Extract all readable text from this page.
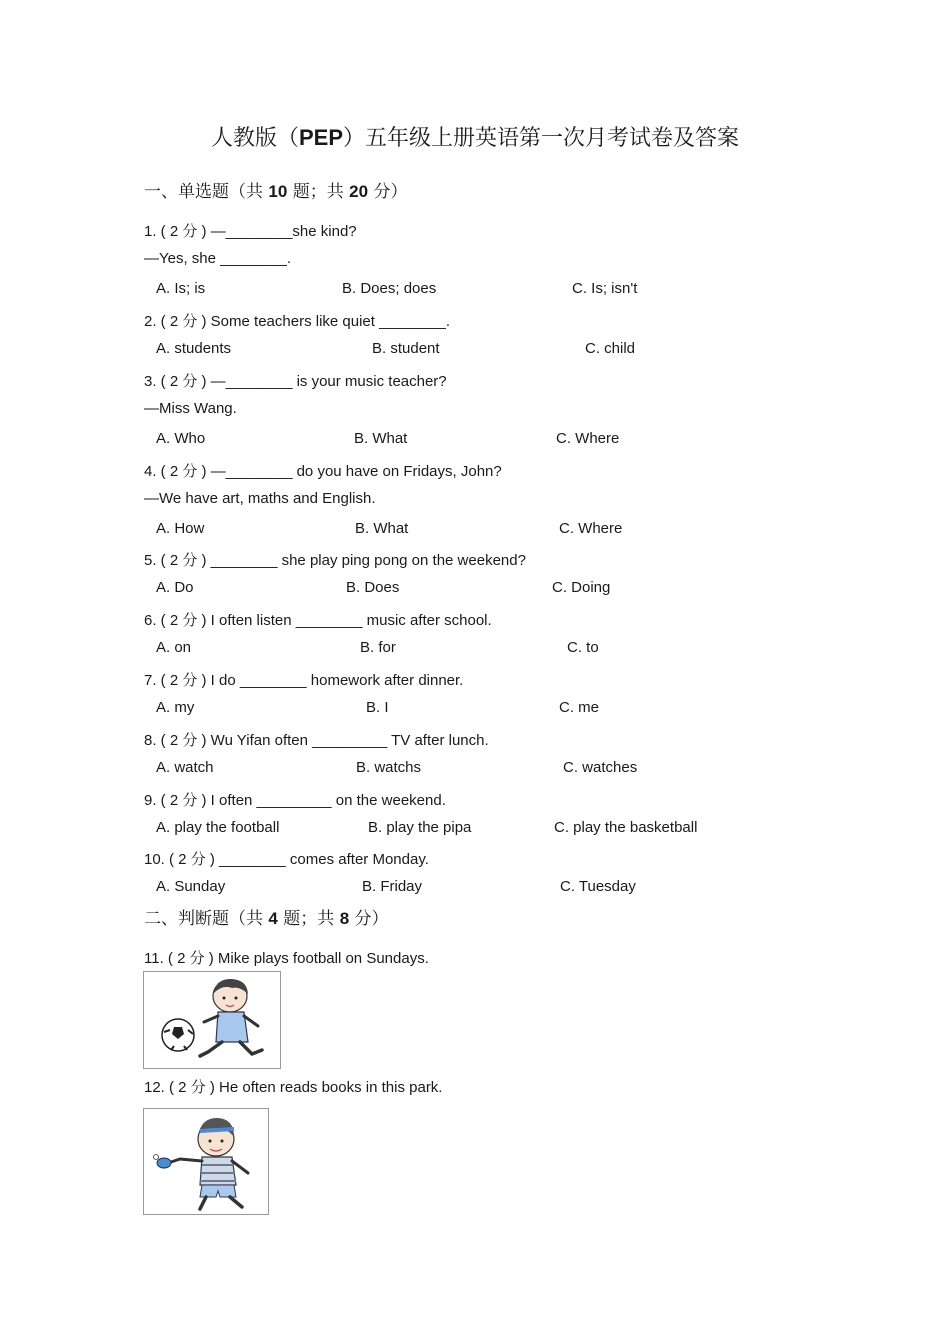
人教版（PEP）五年级上册英语第一次月考试卷及答案
一、单选题（共 10 题；共 20 分）
1. ( 2 分 ) —________she kind?
—Yes, she ________.
A. Is; is	B. Does; does	C. Is; isn't
2. ( 2 分 ) Some teachers like quiet ________.
A. students	B. student	C. child
3. ( 2 分 ) —________ is your music teacher?
—Miss Wang.
A. Who	B. What	C. Where
4. ( 2 分 ) —________ do you have on Fridays, John?
—We have art, maths and English.
A. How	B. What	C. Where
5. ( 2 分 ) ________ she play ping pong on the weekend?
A. Do	B. Does	C. Doing
6. ( 2 分 ) I often listen ________ music after school.
A. on	B. for	C. to
7. ( 2 分 ) I do ________ homework after dinner.
A. my	B. I	C. me
8. ( 2 分 ) Wu Yifan often _________ TV after lunch.
A. watch	B. watchs	C. watches
9. ( 2 分 ) I often _________ on the weekend.
A. play the football	B. play the pipa	C. play the basketball
10. ( 2 分 ) ________ comes after Monday.
A. Sunday	B. Friday	C. Tuesday
二、判断题（共 4 题；共 8 分）
11. ( 2 分 ) Mike plays football on Sundays.
12. ( 2 分 ) He often reads books in this park.
